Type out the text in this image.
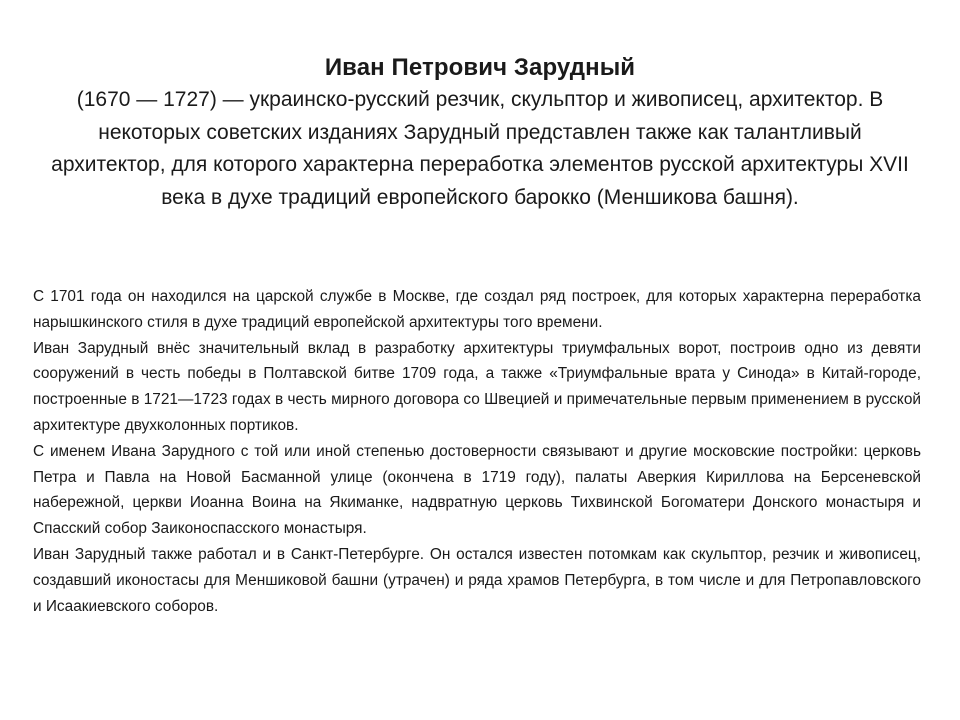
Иван Петрович Зарудный

(1670 — 1727) — украинско-русский резчик, скульптор и живописец, архитектор. В некоторых советских изданиях Зарудный представлен также как талантливый архитектор, для которого характерна переработка элементов русской архитектуры XVII века в духе традиций европейского барокко (Меншикова башня).

С 1701 года он находился на царской службе в Москве, где создал ряд построек, для которых характерна переработка нарышкинского стиля в духе традиций европейской архитектуры того времени.

Иван Зарудный внёс значительный вклад в разработку архитектуры триумфальных ворот, построив одно из девяти сооружений в честь победы в Полтавской битве 1709 года, а также «Триумфальные врата у Синода» в Китай-городе, построенные в 1721—1723 годах в честь мирного договора со Швецией и примечательные первым применением в русской архитектуре двухколонных портиков.

С именем Ивана Зарудного с той или иной степенью достоверности связывают и другие московские постройки: церковь Петра и Павла на Новой Басманной улице (окончена в 1719 году), палаты Аверкия Кириллова на Берсеневской набережной, церкви Иоанна Воина на Якиманке, надвратную церковь Тихвинской Богоматери Донского монастыря и Спасский собор Заиконоспасского монастыря.

Иван Зарудный также работал и в Санкт-Петербурге. Он остался известен потомкам как скульптор, резчик и живописец, создавший иконостасы для Меншиковой башни (утрачен) и ряда храмов Петербурга, в том числе и для Петропавловского и Исаакиевского соборов.
